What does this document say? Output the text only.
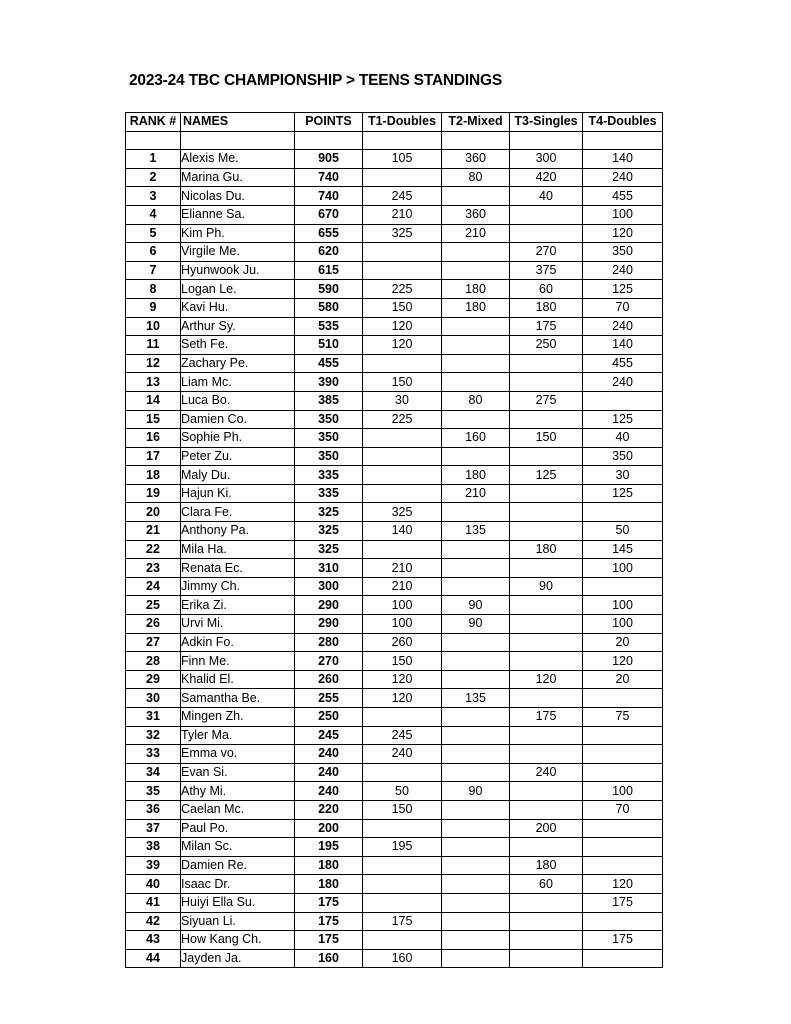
2023-24 TBC CHAMPIONSHIP > TEENS STANDINGS
RANK #	NAMES	POINTS	T1-Doubles	T2-Mixed	T3-Singles	T4-Doubles

1	Alexis Me.	905	105	360	300	140
2	Marina Gu.	740		80	420	240
3	Nicolas Du.	740	245		40	455
4	Elianne Sa.	670	210	360		100
5	Kim Ph.	655	325	210		120
6	Virgile Me.	620			270	350
7	Hyunwook Ju.	615			375	240
8	Logan Le.	590	225	180	60	125
9	Kavi Hu.	580	150	180	180	70
10	Arthur Sy.	535	120		175	240
11	Seth Fe.	510	120		250	140
12	Zachary Pe.	455				455
13	Liam Mc.	390	150			240
14	Luca Bo.	385	30	80	275	
15	Damien Co.	350	225			125
16	Sophie Ph.	350		160	150	40
17	Peter Zu.	350				350
18	Maly Du.	335		180	125	30
19	Hajun Ki.	335		210		125
20	Clara Fe.	325	325			
21	Anthony Pa.	325	140	135		50
22	Mila Ha.	325			180	145
23	Renata Ec.	310	210			100
24	Jimmy Ch.	300	210		90	
25	Erika Zi.	290	100	90		100
26	Urvi Mi.	290	100	90		100
27	Adkin Fo.	280	260			20
28	Finn Me.	270	150			120
29	Khalid El.	260	120		120	20
30	Samantha Be.	255	120	135		
31	Mingen Zh.	250			175	75
32	Tyler Ma.	245	245			
33	Emma vo.	240	240			
34	Evan Si.	240			240	
35	Athy Mi.	240	50	90		100
36	Caelan Mc.	220	150			70
37	Paul Po.	200			200	
38	Milan Sc.	195	195			
39	Damien Re.	180			180	
40	Isaac Dr.	180			60	120
41	Huiyi Ella Su.	175				175
42	Siyuan Li.	175	175			
43	How Kang Ch.	175				175
44	Jayden Ja.	160	160			
